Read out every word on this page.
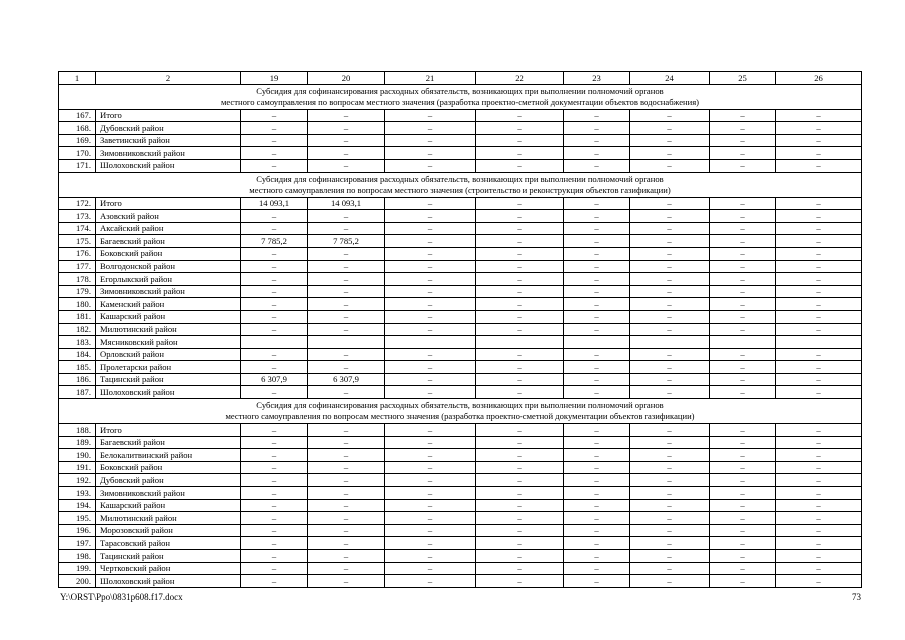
1	2	19	20	21	22	23	24	25	26

Субсидия для софинансирования расходных обязательств, возникающих при выполнении полномочий органов
местного самоуправления по вопросам местного значения (разработка проектно-сметной документации объектов водоснабжения)									

167.	Итого	–	–	–	–	–	–	–	–
168.	Дубовский район	–	–	–	–	–	–	–	–
169.	Заветинский район	–	–	–	–	–	–	–	–
170.	Зимовниковский район	–	–	–	–	–	–	–	–
171.	Шолоховский район	–	–	–	–	–	–	–	–

Субсидия для софинансирования расходных обязательств, возникающих при выполнении полномочий органов
местного самоуправления по вопросам местного значения (строительство и реконструкция объектов газификации)									

172.	Итого	14 093,1	14 093,1	–	–	–	–	–	–
173.	Азовский район	–	–	–	–	–	–	–	–
174.	Аксайский район	–	–	–	–	–	–	–	–
175.	Багаевский район	7 785,2	7 785,2	–	–	–	–	–	–
176.	Боковский район	–	–	–	–	–	–	–	–
177.	Волгодонской район	–	–	–	–	–	–	–	–
178.	Егорлыкский район	–	–	–	–	–	–	–	–
179.	Зимовниковский район	–	–	–	–	–	–	–	–
180.	Каменский район	–	–	–	–	–	–	–	–
181.	Кашарский район	–	–	–	–	–	–	–	–
182.	Милютинский район	–	–	–	–	–	–	–	–
183.	Мясниковский район								
184.	Орловский район	–	–	–	–	–	–	–	–
185.	Пролетарски район	–	–	–	–	–	–	–	–
186.	Тацинский район	6 307,9	6 307,9	–	–	–	–	–	–
187.	Шолоховский район	–	–	–	–	–	–	–	–

Субсидия для софинансирования расходных обязательств, возникающих при выполнении полномочий органов
местного самоуправления по вопросам местного значения (разработка проектно-сметной документации объектов газификации)									

188.	Итого	–	–	–	–	–	–	–	–
189.	Багаевский район	–	–	–	–	–	–	–	–
190.	Белокалитвинский район	–	–	–	–	–	–	–	–
191.	Боковский район	–	–	–	–	–	–	–	–
192.	Дубовский район	–	–	–	–	–	–	–	–
193.	Зимовниковский район	–	–	–	–	–	–	–	–
194.	Кашарский район	–	–	–	–	–	–	–	–
195.	Милютинский район	–	–	–	–	–	–	–	–
196.	Морозовский район	–	–	–	–	–	–	–	–
197.	Тарасовский район	–	–	–	–	–	–	–	–
198.	Тацинский район	–	–	–	–	–	–	–	–
199.	Чертковский район	–	–	–	–	–	–	–	–
200.	Шолоховский район	–	–	–	–	–	–	–	–
Y:\ORST\Ppo\0831p608.f17.docx	73
